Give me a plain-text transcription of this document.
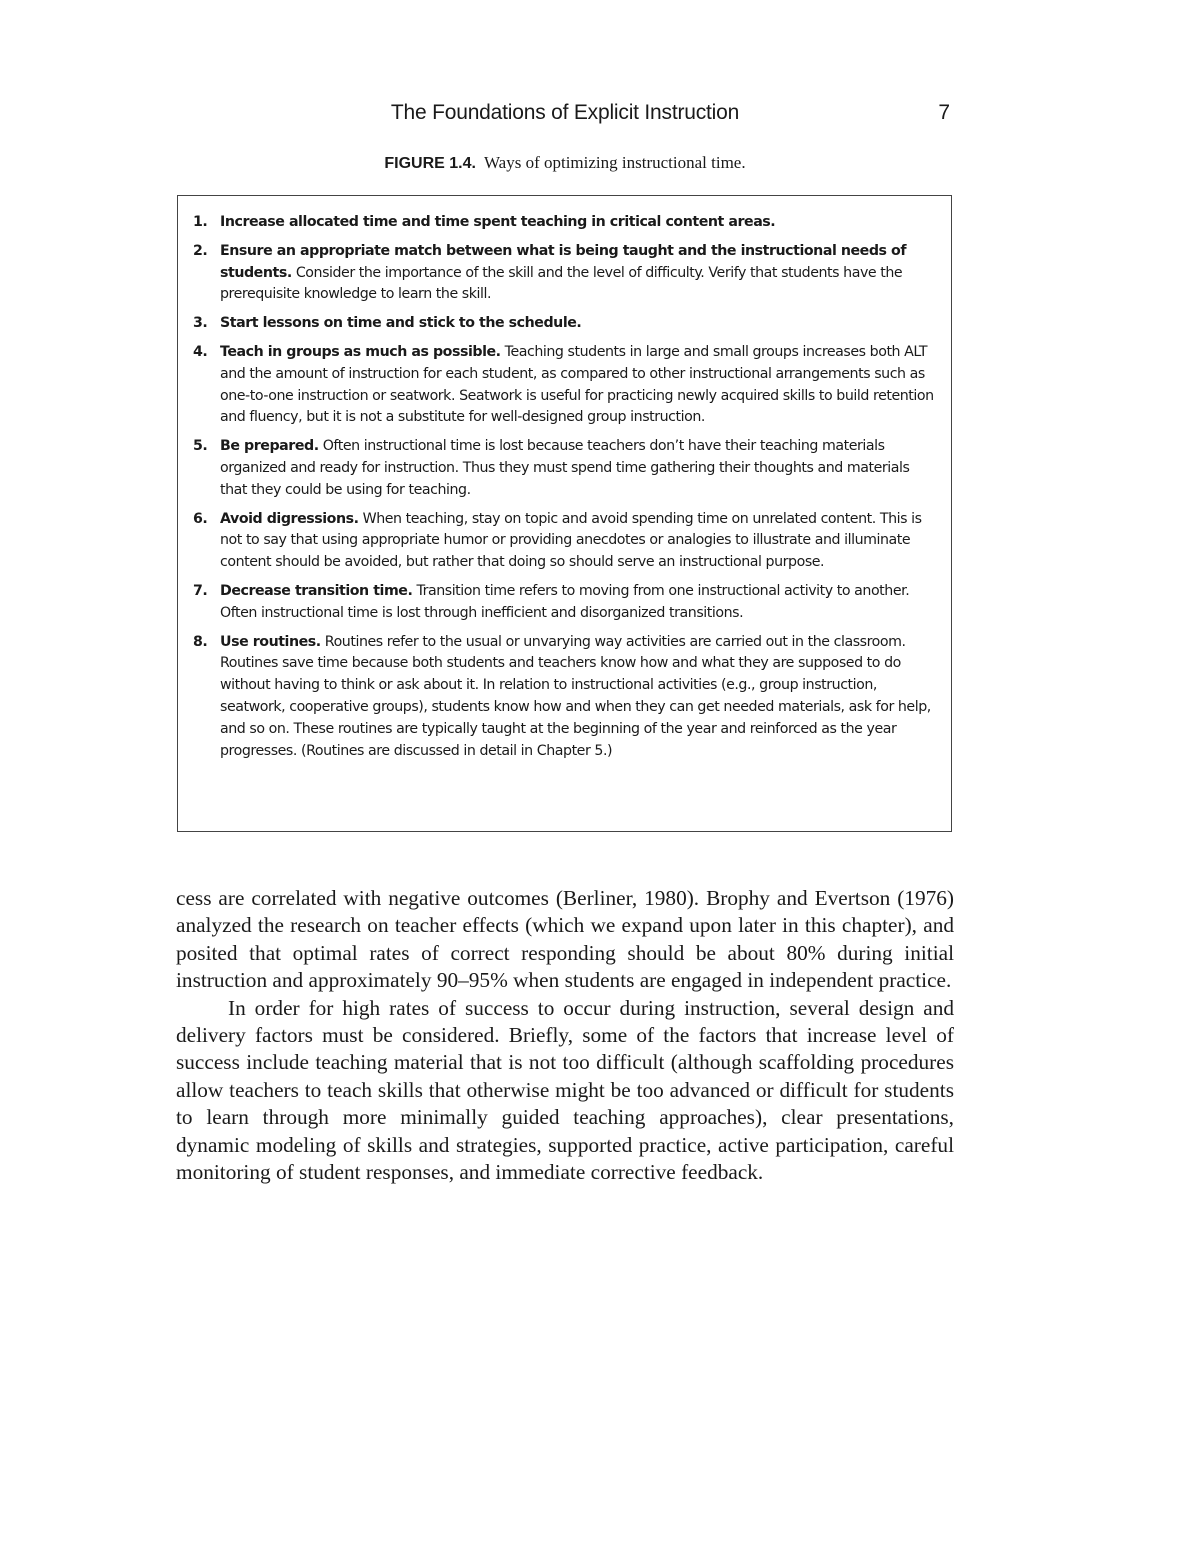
The Foundations of Explicit Instruction	7
FIGURE 1.4. Ways of optimizing instructional time.
1. Increase allocated time and time spent teaching in critical content areas.
2. Ensure an appropriate match between what is being taught and the instructional needs of students. Consider the importance of the skill and the level of difficulty. Verify that students have the prerequisite knowledge to learn the skill.
3. Start lessons on time and stick to the schedule.
4. Teach in groups as much as possible. Teaching students in large and small groups increases both ALT and the amount of instruction for each student, as compared to other instructional arrangements such as one-to-one instruction or seatwork. Seatwork is useful for practicing newly acquired skills to build retention and fluency, but it is not a substitute for well-designed group instruction.
5. Be prepared. Often instructional time is lost because teachers don’t have their teaching materials organized and ready for instruction. Thus they must spend time gathering their thoughts and materials that they could be using for teaching.
6. Avoid digressions. When teaching, stay on topic and avoid spending time on unrelated content. This is not to say that using appropriate humor or providing anecdotes or analogies to illustrate and illuminate content should be avoided, but rather that doing so should serve an instructional purpose.
7. Decrease transition time. Transition time refers to moving from one instructional activity to another. Often instructional time is lost through inefficient and disorganized transitions.
8. Use routines. Routines refer to the usual or unvarying way activities are carried out in the classroom. Routines save time because both students and teachers know how and what they are supposed to do without having to think or ask about it. In relation to instructional activities (e.g., group instruction, seatwork, cooperative groups), students know how and when they can get needed materials, ask for help, and so on. These routines are typically taught at the beginning of the year and reinforced as the year progresses. (Routines are discussed in detail in Chapter 5.)

cess are correlated with negative outcomes (Berliner, 1980). Brophy and Evertson (1976) analyzed the research on teacher effects (which we expand upon later in this chapter), and posited that optimal rates of correct responding should be about 80% during initial instruction and approximately 90–95% when students are engaged in independent practice.

In order for high rates of success to occur during instruction, several design and delivery factors must be considered. Briefly, some of the factors that increase level of success include teaching material that is not too difficult (although scaffolding procedures allow teachers to teach skills that otherwise might be too advanced or difficult for students to learn through more minimally guided teaching approaches), clear presentations, dynamic modeling of skills and strategies, supported practice, active participation, careful monitoring of student responses, and immediate corrective feedback.
